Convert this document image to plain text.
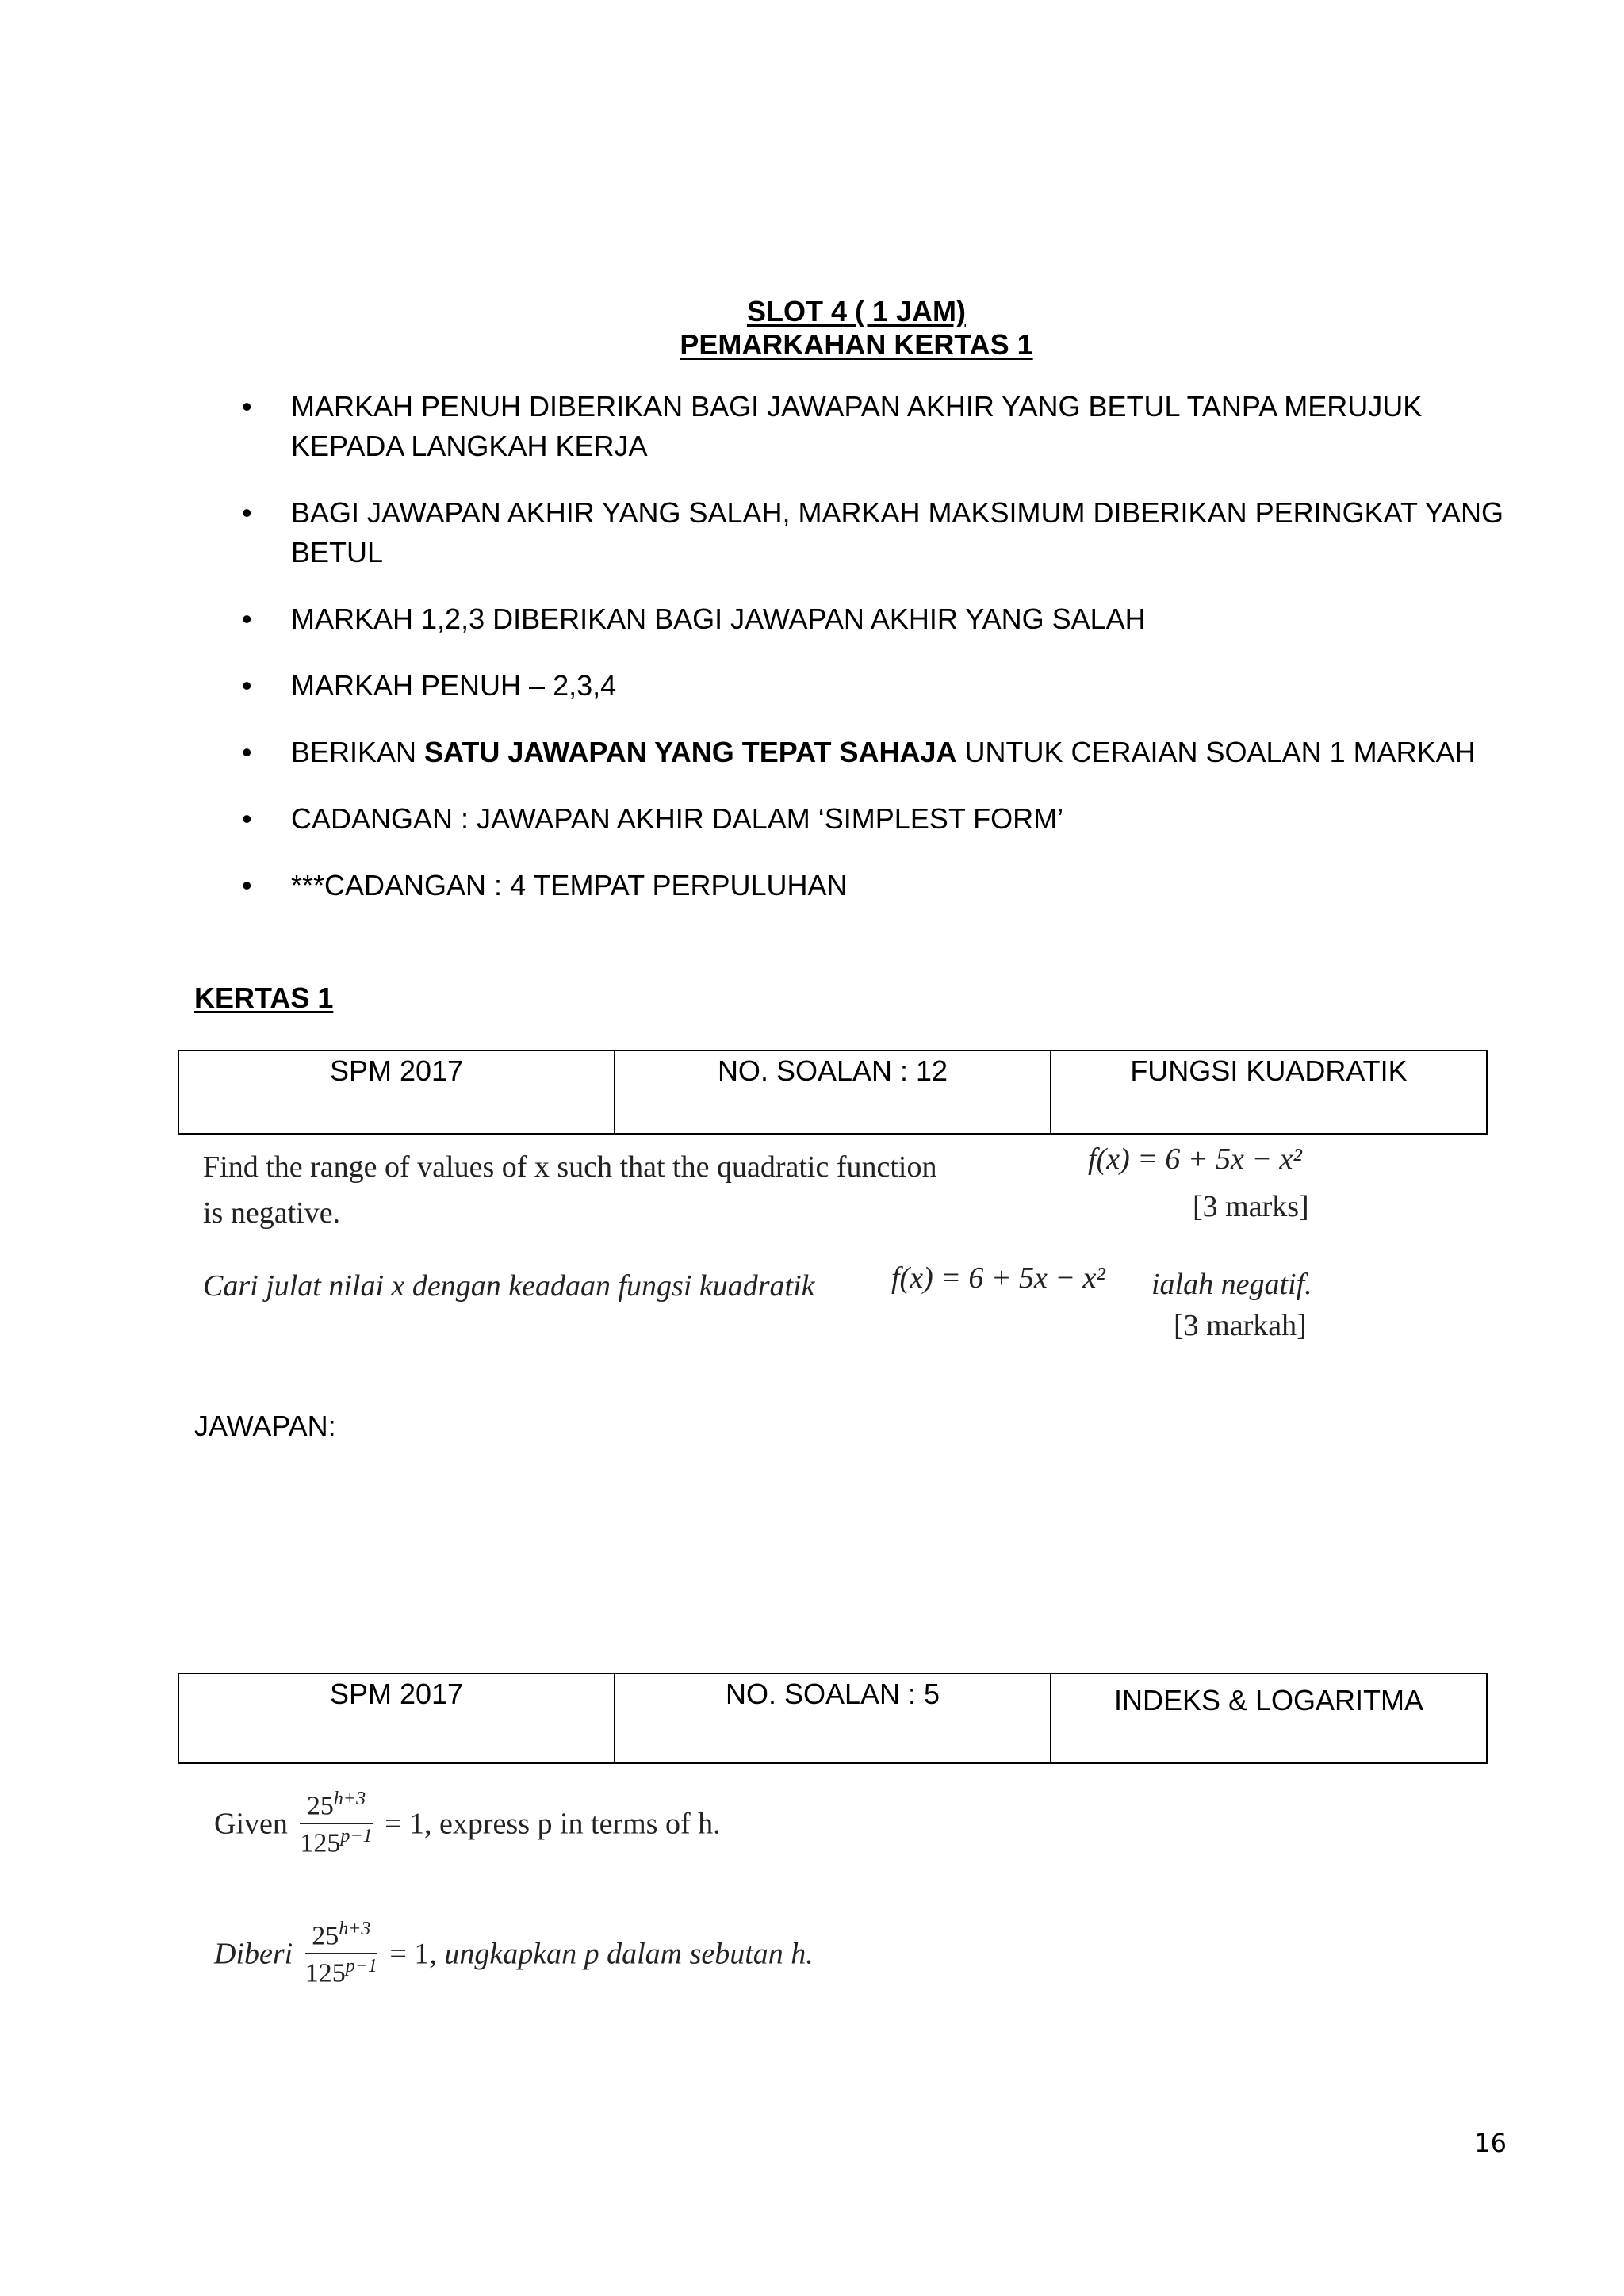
SLOT 4 ( 1 JAM)
PEMARKAHAN KERTAS 1
• MARKAH PENUH DIBERIKAN BAGI JAWAPAN AKHIR YANG BETUL TANPA MERUJUK KEPADA LANGKAH KERJA
• BAGI JAWAPAN AKHIR YANG SALAH, MARKAH MAKSIMUM DIBERIKAN PERINGKAT YANG BETUL
• MARKAH 1,2,3 DIBERIKAN BAGI JAWAPAN AKHIR YANG SALAH
• MARKAH PENUH – 2,3,4
• BERIKAN SATU JAWAPAN YANG TEPAT SAHAJA UNTUK CERAIAN SOALAN 1 MARKAH
• CADANGAN : JAWAPAN AKHIR DALAM ‘SIMPLEST FORM’
• ***CADANGAN : 4 TEMPAT PERPULUHAN
KERTAS 1
SPM 2017	NO. SOALAN : 12	FUNGSI KUADRATIK
Find the range of values of x such that the quadratic function	f(x) = 6 + 5x − x²
is negative.	[3 marks]
Cari julat nilai x dengan keadaan fungsi kuadratik	f(x) = 6 + 5x − x² ialah negatif.
[3 markah]
JAWAPAN:
SPM 2017	NO. SOALAN : 5	INDEKS & LOGARITMA
Given $\frac{25^{h+3}}{125^{p-1}} = 1$, express p in terms of h.
Diberi $\frac{25^{h+3}}{125^{p-1}} = 1$, ungkapkan p dalam sebutan h.
16
